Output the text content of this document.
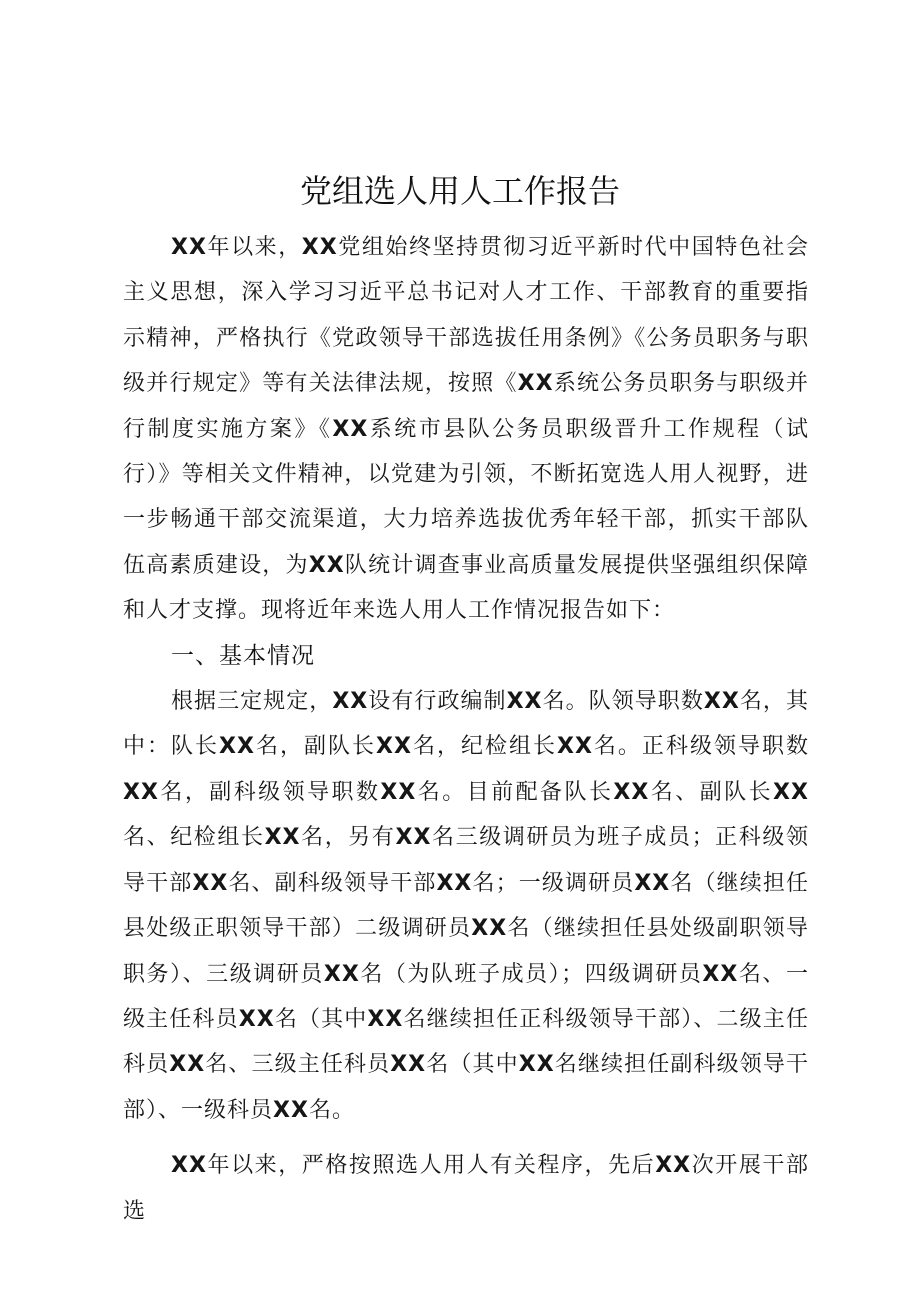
党组选人用人工作报告

XX年以来，XX党组始终坚持贯彻习近平新时代中国特色社会主义思想，深入学习习近平总书记对人才工作、干部教育的重要指示精神，严格执行《党政领导干部选拔任用条例》《公务员职务与职级并行规定》等有关法律法规，按照《XX系统公务员职务与职级并行制度实施方案》《XX系统市县队公务员职级晋升工作规程（试行）》等相关文件精神，以党建为引领，不断拓宽选人用人视野，进一步畅通干部交流渠道，大力培养选拔优秀年轻干部，抓实干部队伍高素质建设，为XX队统计调查事业高质量发展提供坚强组织保障和人才支撑。现将近年来选人用人工作情况报告如下：

一、基本情况

根据三定规定，XX设有行政编制XX名。队领导职数XX名，其中：队长XX名，副队长XX名，纪检组长XX名。正科级领导职数XX名，副科级领导职数XX名。目前配备队长XX名、副队长XX名、纪检组长XX名，另有XX名三级调研员为班子成员；正科级领导干部XX名、副科级领导干部XX名；一级调研员XX名（继续担任县处级正职领导干部）二级调研员XX名（继续担任县处级副职领导职务）、三级调研员XX名（为队班子成员）；四级调研员XX名、一级主任科员XX名（其中XX名继续担任正科级领导干部）、二级主任科员XX名、三级主任科员XX名（其中XX名继续担任副科级领导干部）、一级科员XX名。

XX年以来，严格按照选人用人有关程序，先后XX次开展干部选
